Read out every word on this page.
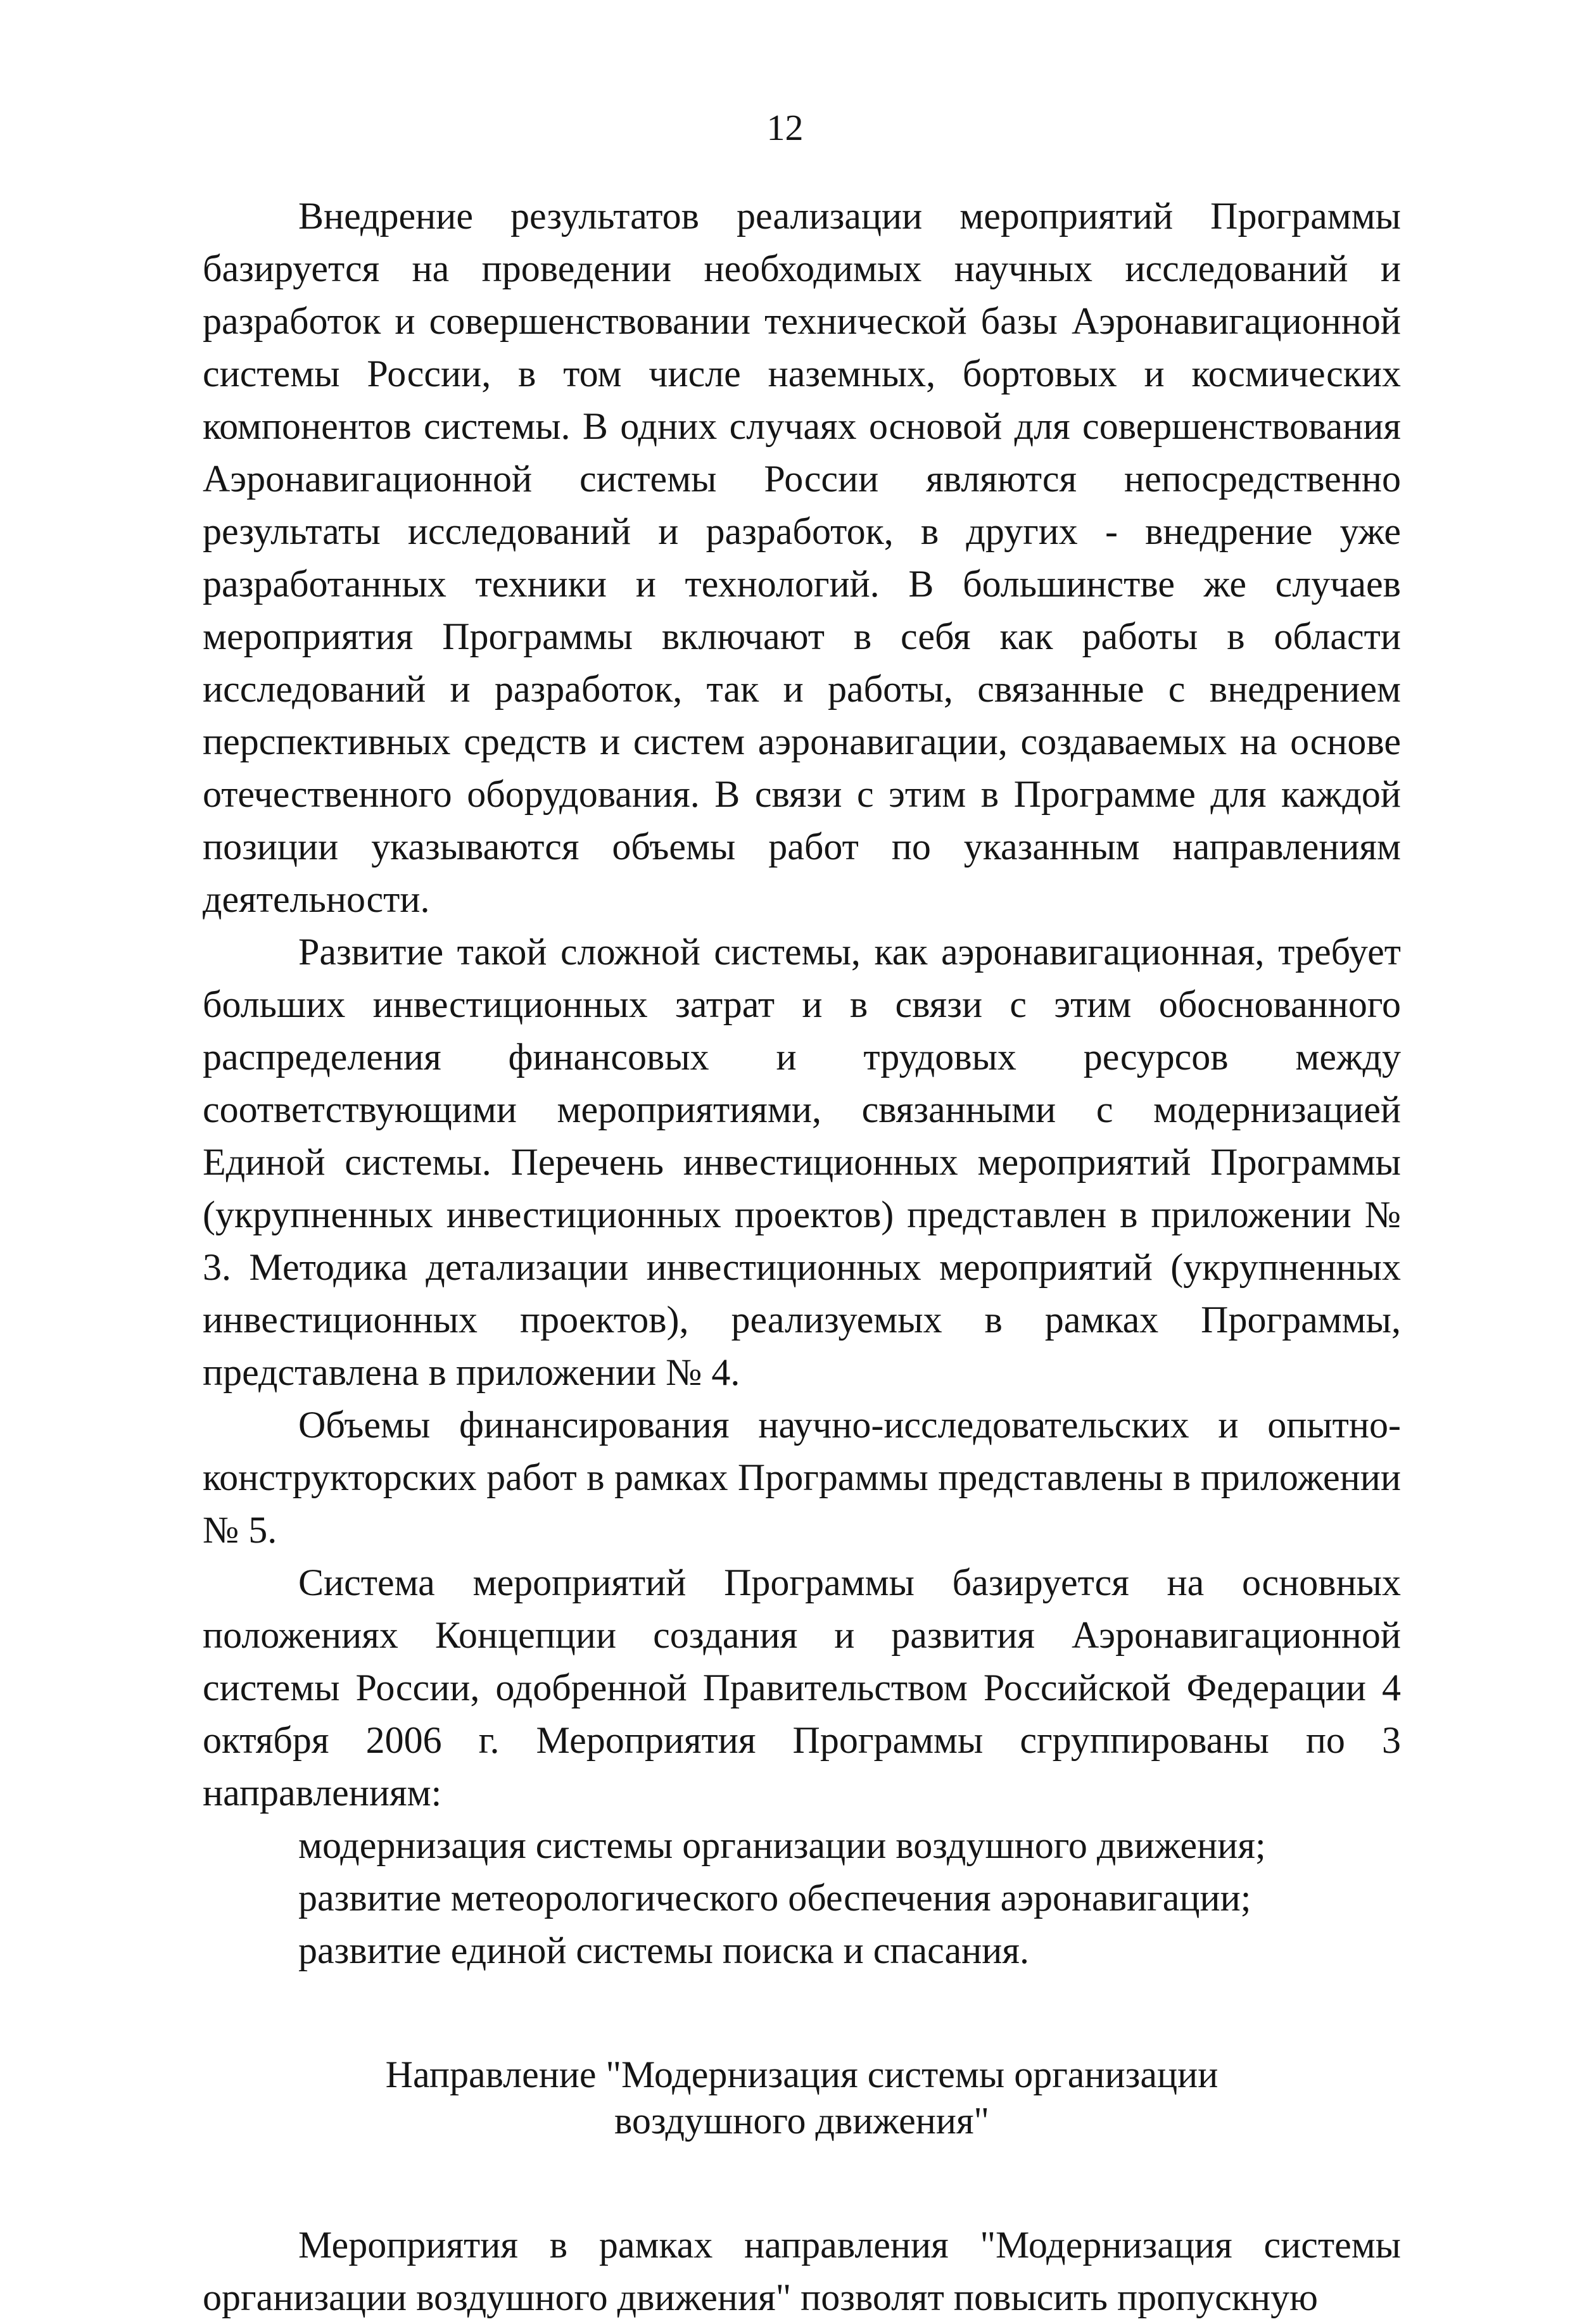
12

Внедрение результатов реализации мероприятий Программы базируется на проведении необходимых научных исследований и разработок и совершенствовании технической базы Аэронавигационной системы России, в том числе наземных, бортовых и космических компонентов системы. В одних случаях основой для совершенствования Аэронавигационной системы России являются непосредственно результаты исследований и разработок, в других - внедрение уже разработанных техники и технологий. В большинстве же случаев мероприятия Программы включают в себя как работы в области исследований и разработок, так и работы, связанные с внедрением перспективных средств и систем аэронавигации, создаваемых на основе отечественного оборудования. В связи с этим в Программе для каждой позиции указываются объемы работ по указанным направлениям деятельности.

Развитие такой сложной системы, как аэронавигационная, требует больших инвестиционных затрат и в связи с этим обоснованного распределения финансовых и трудовых ресурсов между соответствующими мероприятиями, связанными с модернизацией Единой системы. Перечень инвестиционных мероприятий Программы (укрупненных инвестиционных проектов) представлен в приложении № 3. Методика детализации инвестиционных мероприятий (укрупненных инвестиционных проектов), реализуемых в рамках Программы, представлена в приложении № 4.

Объемы финансирования научно-исследовательских и опытно-конструкторских работ в рамках Программы представлены в приложении № 5.

Система мероприятий Программы базируется на основных положениях Концепции создания и развития Аэронавигационной системы России, одобренной Правительством Российской Федерации 4 октября 2006 г. Мероприятия Программы сгруппированы по 3 направлениям:

модернизация системы организации воздушного движения;
развитие метеорологического обеспечения аэронавигации;
развитие единой системы поиска и спасания.
Направление "Модернизация системы организации
воздушного движения"

Мероприятия в рамках направления "Модернизация системы организации воздушного движения" позволят повысить пропускную
